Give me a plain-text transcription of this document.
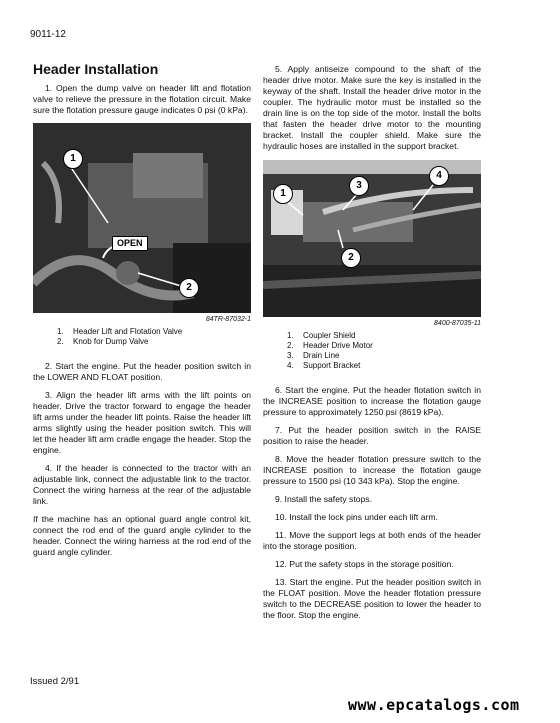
9011-12
Header Installation

1. Open the dump valve on header lift and flotation valve to relieve the pressure in the flotation circuit. Make sure the flotation pressure gauge indicates 0 psi (0 kPa).

1
2
OPEN
84TR-87032-1
1. Header Lift and Flotation Valve
2. Knob for Dump Valve

2. Start the engine. Put the header position switch in the LOWER AND FLOAT position.

3. Align the header lift arms with the lift points on header. Drive the tractor forward to engage the header lift arms under the header lift points. Raise the header lift arms slightly using the header position switch. This will let the header lift arm cradle engage the header. Stop the engine.

4. If the header is connected to the tractor with an adjustable link, connect the adjustable link to the tractor. Connect the wiring harness at the rear of the adjustable link.

If the machine has an optional guard angle control kit, connect the rod end of the guard angle cylinder to the header. Connect the wiring harness at the rod end of the guard angle cylinder.

5. Apply antiseize compound to the shaft of the header drive motor. Make sure the key is installed in the keyway of the shaft. Install the header drive motor in the coupler. The hydraulic motor must be installed so the drain line is on the top side of the motor. Install the bolts that fasten the header drive motor to the mounting bracket. Install the coupler shield. Make sure the hydraulic hoses are installed in the support bracket.

1
2
3
4
8400-87035-11
1. Coupler Shield
2. Header Drive Motor
3. Drain Line
4. Support Bracket

6. Start the engine. Put the header flotation switch in the INCREASE position to increase the flotation gauge pressure to approximately 1250 psi (8619 kPa).

7. Put the header position switch in the RAISE position to raise the header.

8. Move the header flotation pressure switch to the INCREASE position to increase the flotation gauge pressure to 1500 psi (10 343 kPa). Stop the engine.

9. Install the safety stops.

10. Install the lock pins under each lift arm.

11. Move the support legs at both ends of the header into the storage position.

12. Put the safety stops in the storage position.

13. Start the engine. Put the header position switch in the FLOAT position. Move the header flotation pressure switch to the DECREASE position to lower the header to the floor. Stop the engine.

Issued 2/91
www.epcatalogs.com
